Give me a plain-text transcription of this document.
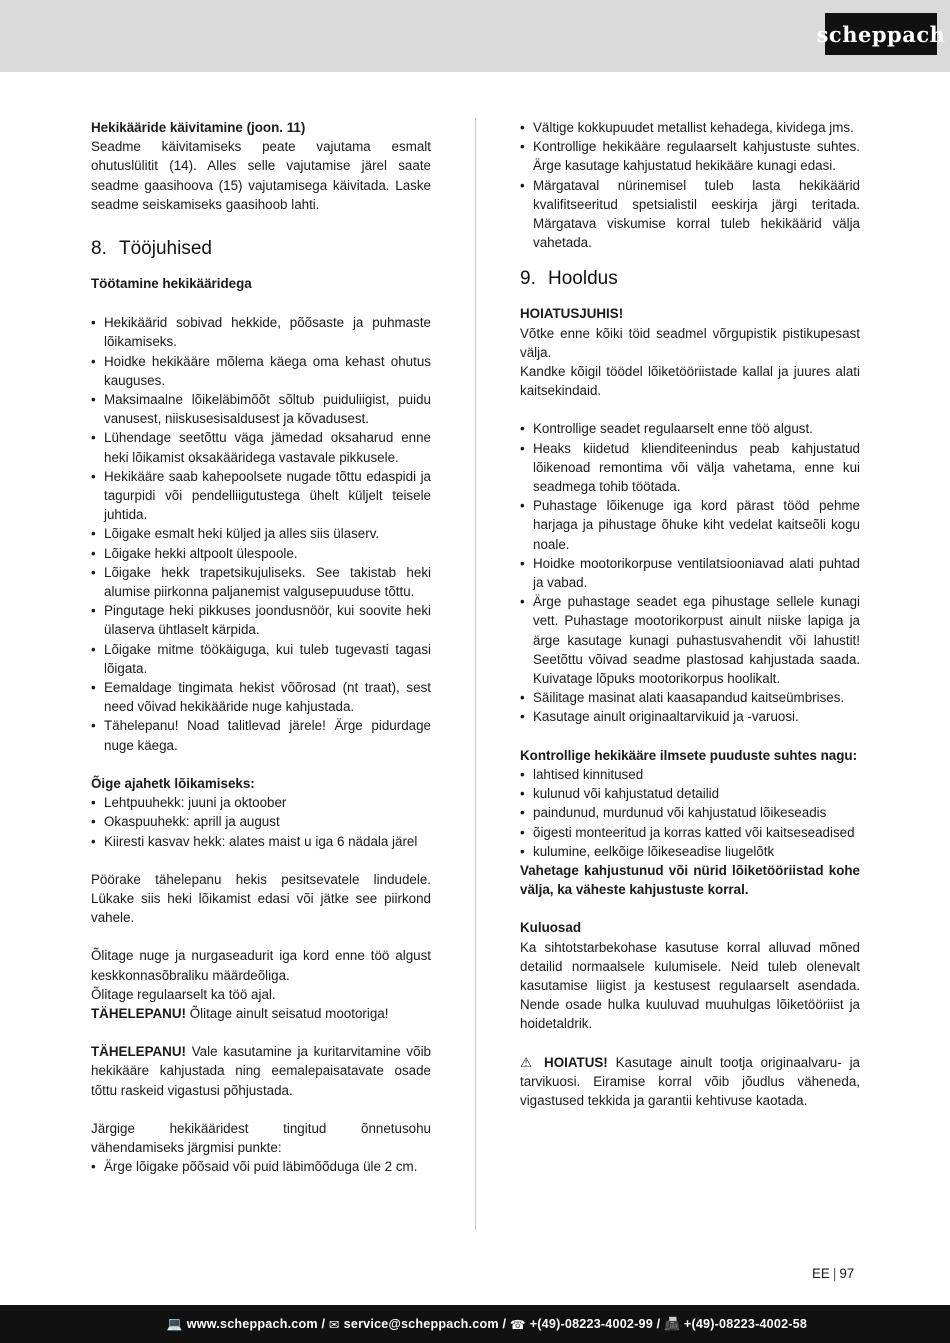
scheppach

Hekikääride käivitamine (joon. 11)

Seadme käivitamiseks peate vajutama esmalt ohutuslülitit (14). Alles selle vajutamise järel saate seadme gaasihoova (15) vajutamisega käivitada. Laske seadme seiskamiseks gaasihoob lahti.

8. Tööjuhised

Töötamine hekikääridega

• Hekikäärid sobivad hekkide, põõsaste ja puhmaste lõikamiseks.
• Hoidke hekikääre mõlema käega oma kehast ohutus kauguses.
• Maksimaalne lõikeläbimõõt sõltub puiduliigist, puidu vanusest, niiskusesisaldusest ja kõvadusest.
• Lühendage seetõttu väga jämedad oksaharud enne heki lõikamist oksakääridega vastavale pikkusele.
• Hekikääre saab kahepoolsete nugade tõttu edaspidi ja tagurpidi või pendelliigutustega ühelt küljelt teisele juhtida.
• Lõigake esmalt heki küljed ja alles siis ülaserv.
• Lõigake hekki altpoolt ülespoole.
• Lõigake hekk trapetsikujuliseks. See takistab heki alumise piirkonna paljanemist valgusepuuduse tõttu.
• Pingutage heki pikkuses joondusnöör, kui soovite heki ülaserva ühtlaselt kärpida.
• Lõigake mitme töökäiguga, kui tuleb tugevasti tagasi lõigata.
• Eemaldage tingimata hekist võõrosad (nt traat), sest need võivad hekikääride nuge kahjustada.
• Tähelepanu! Noad talitlevad järele! Ärge pidurdage nuge käega.

Õige ajahetk lõikamiseks:

• Lehtpuuhekk: juuni ja oktoober
• Okaspuuhekk: aprill ja august
• Kiiresti kasvav hekk: alates maist u iga 6 nädala järel

Pöörake tähelepanu hekis pesitsevatele lindudele. Lükake siis heki lõikamist edasi või jätke see piirkond vahele.

Õlitage nuge ja nurgaseadurit iga kord enne töö algust keskkonnasõbraliku määrdeõliga.

Õlitage regulaarselt ka töö ajal.

TÄHELEPANU! Õlitage ainult seisatud mootoriga!

TÄHELEPANU! Vale kasutamine ja kuritarvitamine võib hekikääre kahjustada ning eemalepaisatavate osade tõttu raskeid vigastusi põhjustada.

Järgige hekikääridest tingitud õnnetusohu vähendamiseks järgmisi punkte:

• Ärge lõigake põõsaid või puid läbimõõduga üle 2 cm.
• Vältige kokkupuudet metallist kehadega, kividega jms.
• Kontrollige hekikääre regulaarselt kahjustuste suhtes. Ärge kasutage kahjustatud hekikääre kunagi edasi.
• Märgataval nürinemisel tuleb lasta hekikäärid kvalifitseeritud spetsialistil eeskirja järgi teritada. Märgatava viskumise korral tuleb hekikäärid välja vahetada.
9. Hooldus

HOIATUSJUHIS!

Võtke enne kõiki töid seadmel võrgupistik pistikupesast välja.

Kandke kõigil töödel lõiketööriistade kallal ja juures alati kaitsekindaid.

• Kontrollige seadet regulaarselt enne töö algust.
• Heaks kiidetud klienditeenindus peab kahjustatud lõikenoad remontima või välja vahetama, enne kui seadmega tohib töötada.
• Puhastage lõikenuge iga kord pärast tööd pehme harjaga ja pihustage õhuke kiht vedelat kaitseõli kogu noale.
• Hoidke mootorikorpuse ventilatsiooniavad alati puhtad ja vabad.
• Ärge puhastage seadet ega pihustage sellele kunagi vett. Puhastage mootorikorpust ainult niiske lapiga ja ärge kasutage kunagi puhastusvahendit või lahustit! Seetõttu võivad seadme plastosad kahjustada saada. Kuivatage lõpuks mootorikorpus hoolikalt.
• Säilitage masinat alati kaasapandud kaitseümbrises.
• Kasutage ainult originaaltarvikuid ja -varuosi.

Kontrollige hekikääre ilmsete puuduste suhtes nagu:

• lahtised kinnitused
• kulunud või kahjustatud detailid
• paindunud, murdunud või kahjustatud lõikeseadis
• õigesti monteeritud ja korras katted või kaitseseadised
• kulumine, eelkõige lõikeseadise liugelõtk

Vahetage kahjustunud või nürid lõiketööriistad kohe välja, ka väheste kahjustuste korral.

Kuluosad

Ka sihtotstarbekohase kasutuse korral alluvad mõned detailid normaalsele kulumisele. Neid tuleb olenevalt kasutamise liigist ja kestusest regulaarselt asendada. Nende osade hulka kuuluvad muuhulgas lõiketööriist ja hoidetaldrik.

⚠ HOIATUS! Kasutage ainult tootja originaalvaru- ja tarvikuosi. Eiramise korral võib jõudlus väheneda, vigastused tekkida ja garantii kehtivuse kaotada.

EE | 97
💻 www.scheppach.com /
✉ service@scheppach.com /
☎ +(49)-08223-4002-99 /
📠 +(49)-08223-4002-58
